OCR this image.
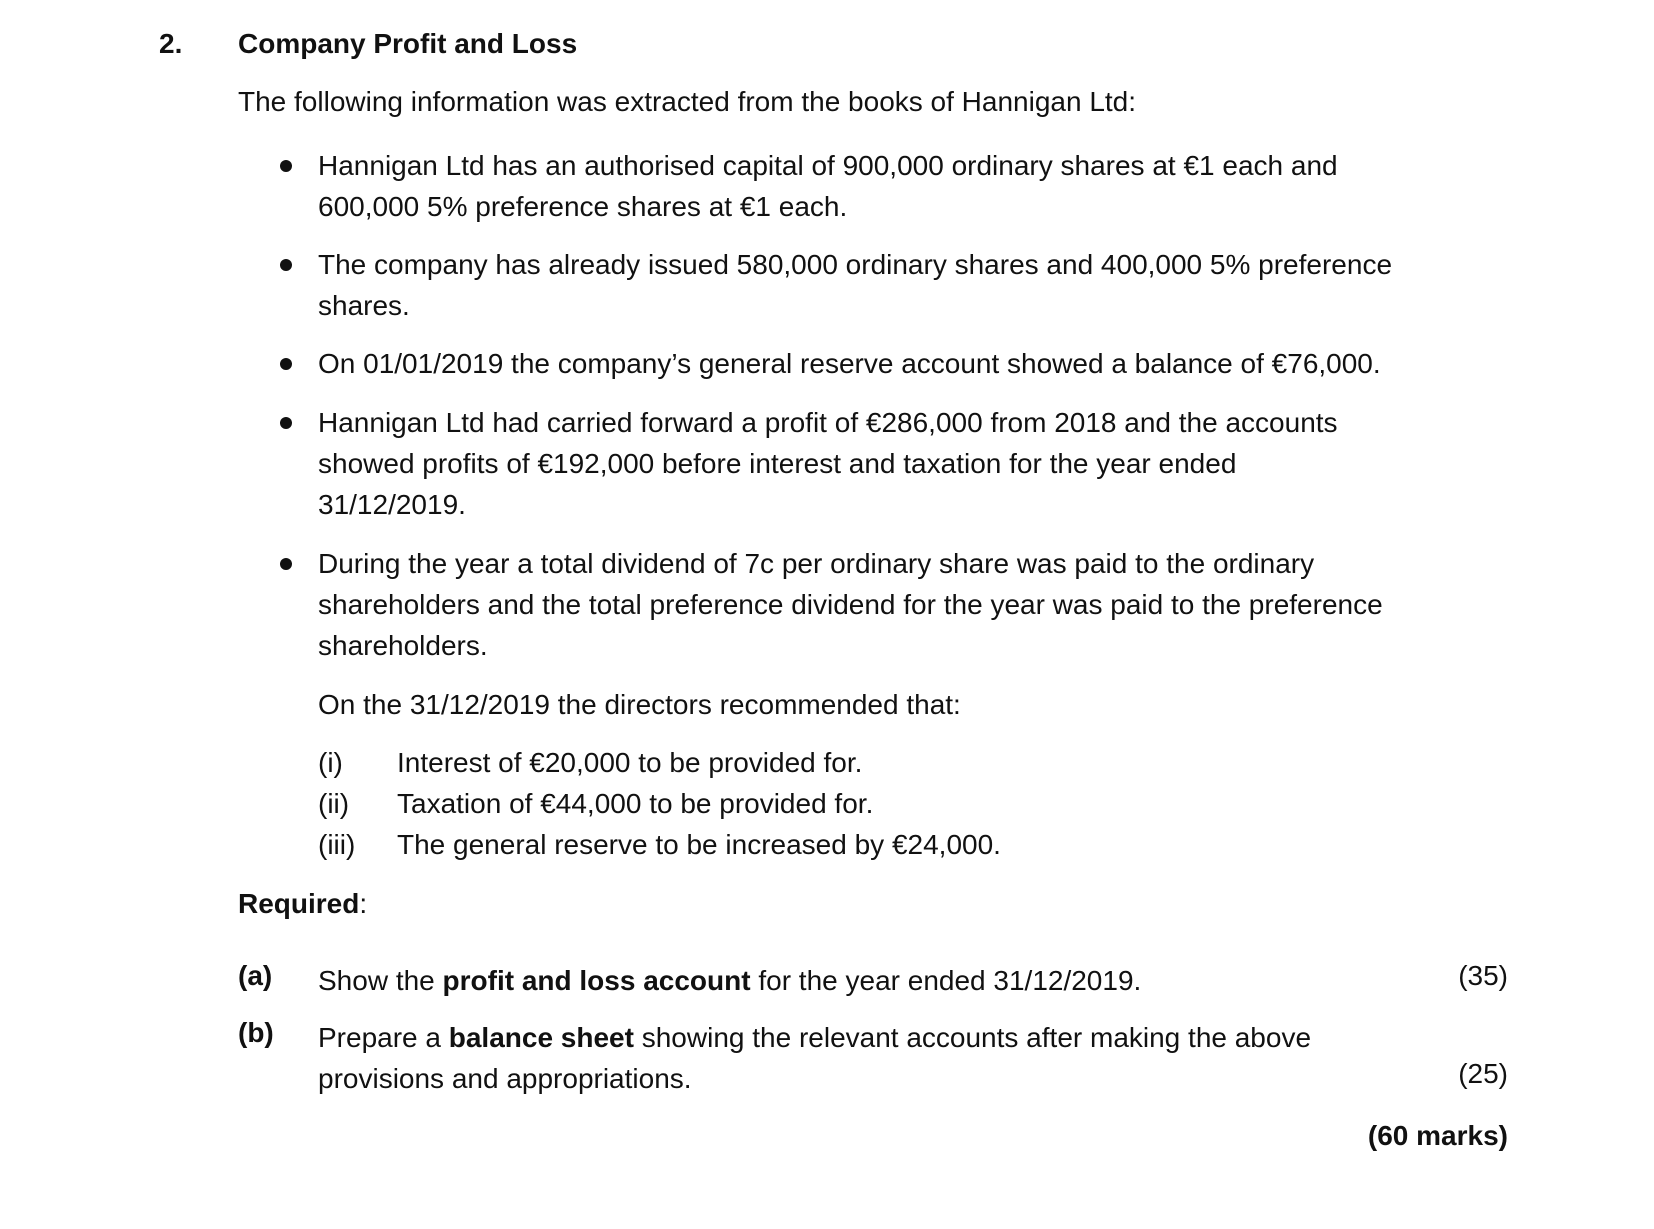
2. Company Profit and Loss
The following information was extracted from the books of Hannigan Ltd:
Hannigan Ltd has an authorised capital of 900,000 ordinary shares at €1 each and
600,000 5% preference shares at €1 each.
The company has already issued 580,000 ordinary shares and 400,000 5% preference
shares.
On 01/01/2019 the company’s general reserve account showed a balance of €76,000.
Hannigan Ltd had carried forward a profit of €286,000 from 2018 and the accounts
showed profits of €192,000 before interest and taxation for the year ended
31/12/2019.
During the year a total dividend of 7c per ordinary share was paid to the ordinary
shareholders and the total preference dividend for the year was paid to the preference
shareholders.
On the 31/12/2019 the directors recommended that:
(i) Interest of €20,000 to be provided for.
(ii) Taxation of €44,000 to be provided for.
(iii) The general reserve to be increased by €24,000.
Required:
(a) Show the profit and loss account for the year ended 31/12/2019.	(35)
(b) Prepare a balance sheet showing the relevant accounts after making the above
provisions and appropriations.	(25)
(60 marks)
